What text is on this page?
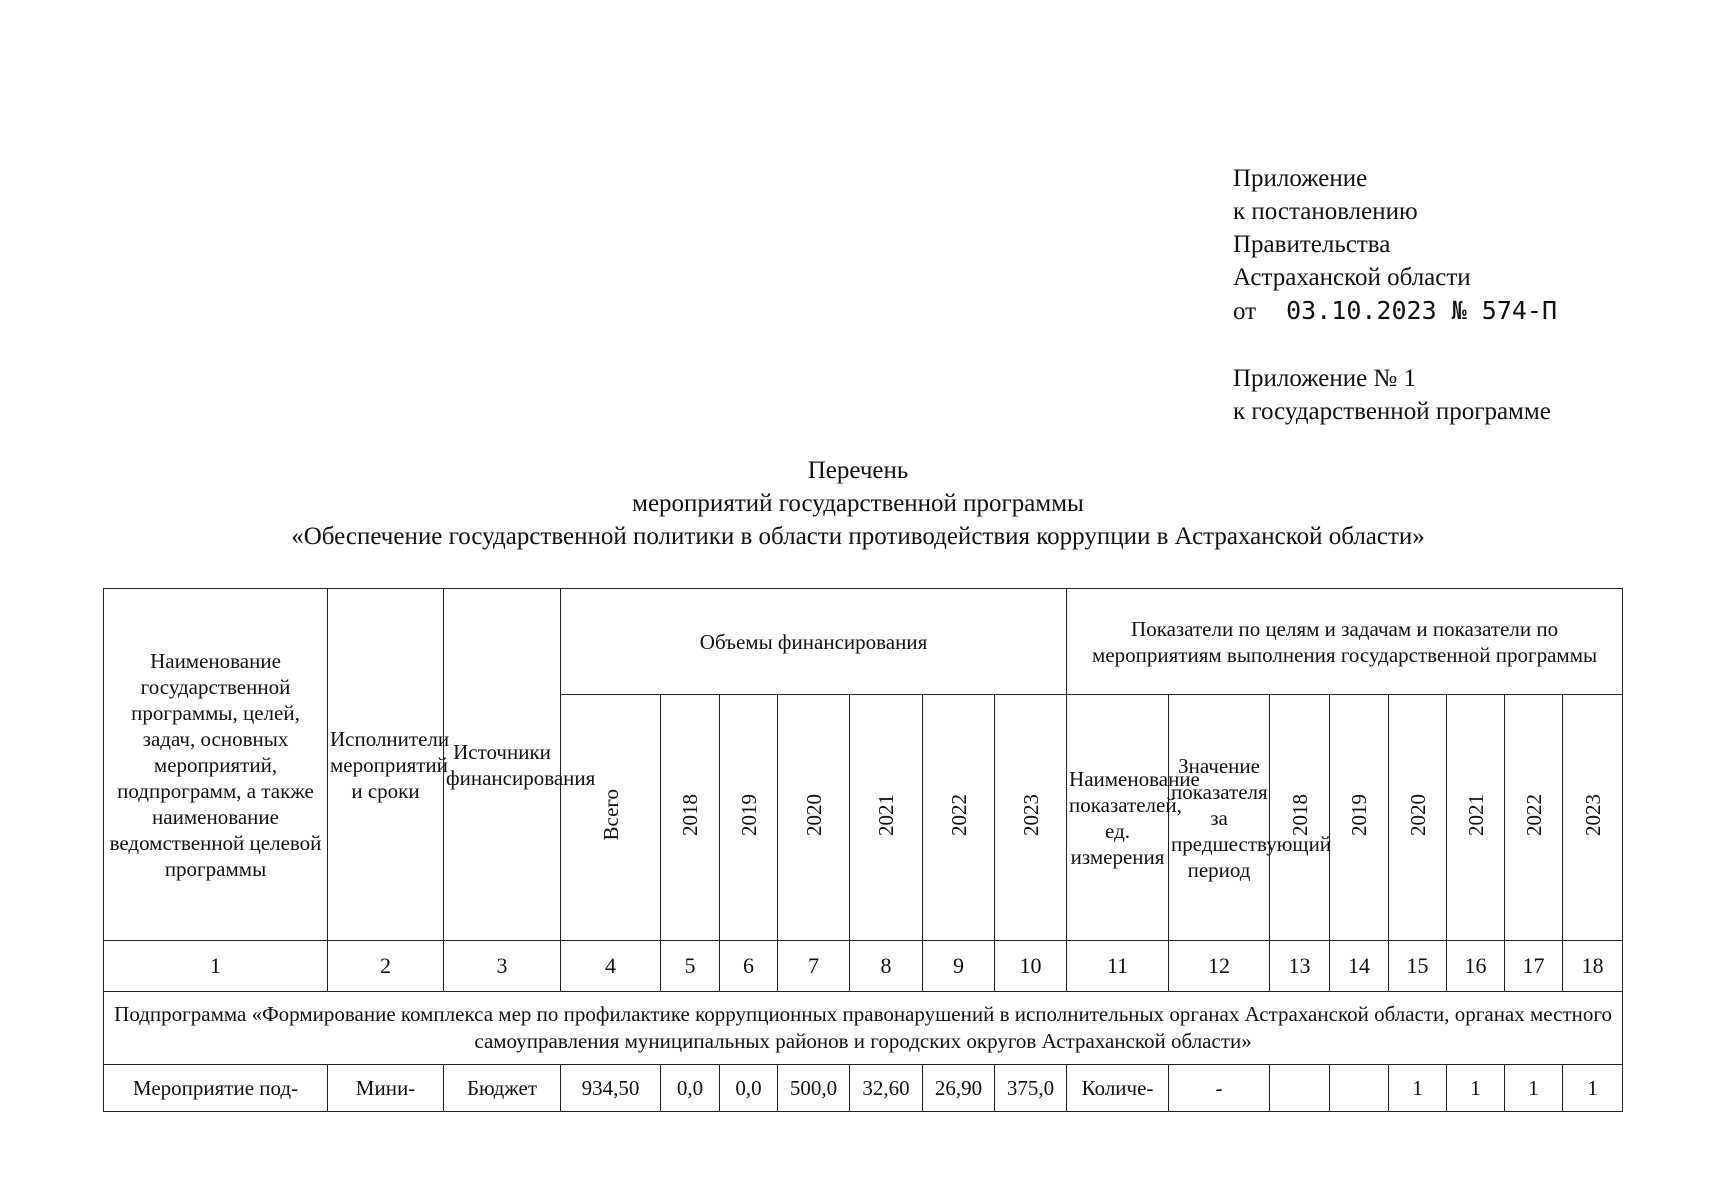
Приложение
к постановлению
Правительства
Астраханской области
от 03.10.2023 № 574-П
Приложение № 1
к государственной программе
Перечень
мероприятий государственной программы
«Обеспечение государственной политики в области противодействия коррупции в Астраханской области»
Наименование государственной программы, целей, задач, основных мероприятий, подпрограмм, а также наименование ведомственной целевой программы	Исполнители мероприятий и сроки	Источники финансирования	Объемы финансирования							Показатели по целям и задачам и показатели по мероприятиям выполнения государственной программы							
			Всего	2018	2019	2020	2021	2022	2023	Наименование показателей, ед. измерения	Значение показателя за предшествующий период	2018	2019	2020	2021	2022	2023
1	2	3	4	5	6	7	8	9	10	11	12	13	14	15	16	17	18
Подпрограмма «Формирование комплекса мер по профилактике коррупционных правонарушений в исполнительных органах Астраханской области, органах местного самоуправления муниципальных районов и городских округов Астраханской области»																	
Мероприятие под-	Мини-	Бюджет	934,50	0,0	0,0	500,0	32,60	26,90	375,0	Количе-	-			1	1	1	1
